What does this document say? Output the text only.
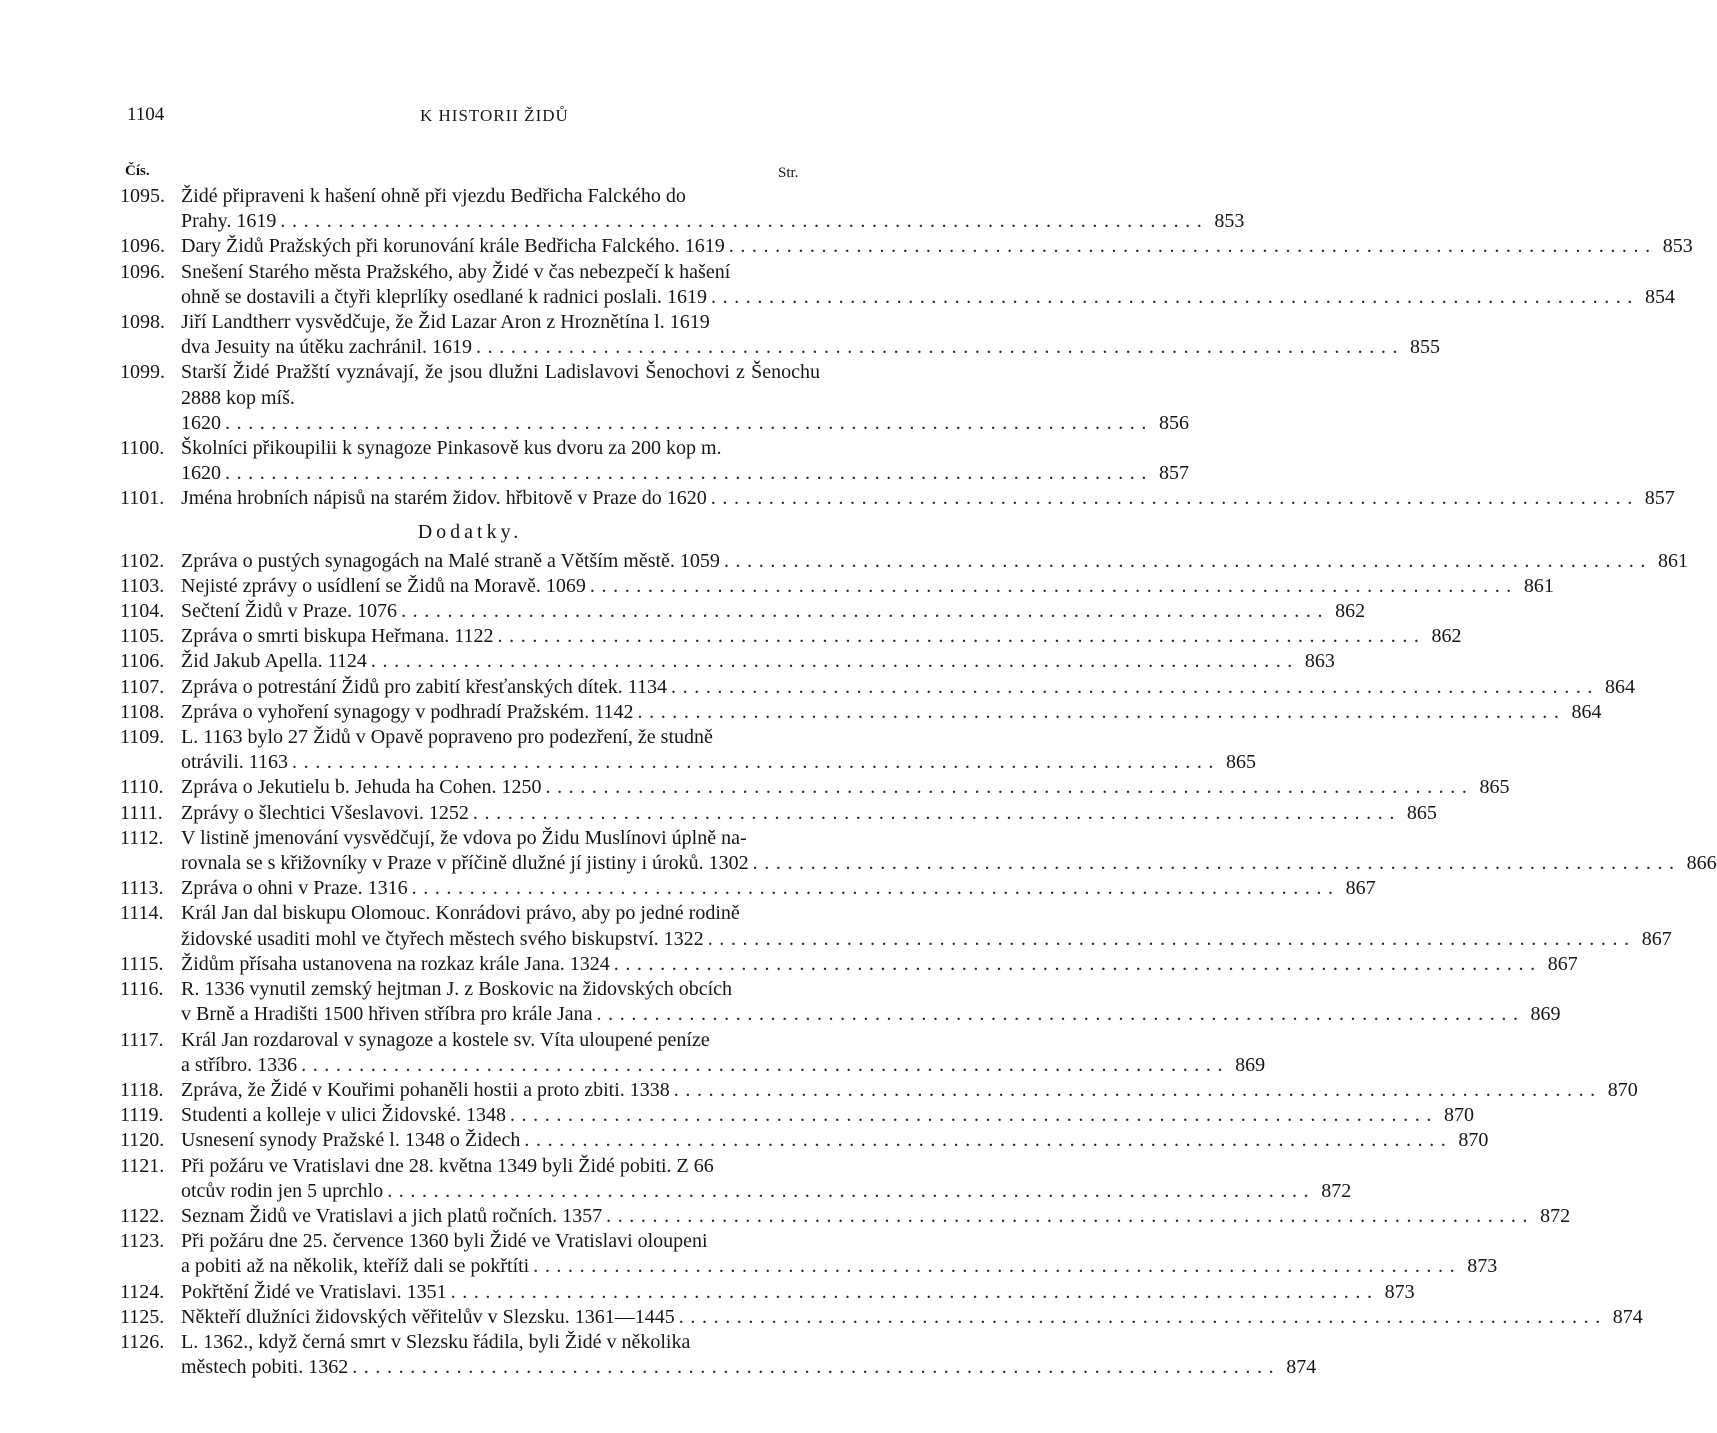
1104	K HISTORII ŽIDŮ
Čís.	Str.
1095. Židé připraveni k hašení ohně při vjezdu Bedřicha Falckého do
Prahy. 1619 ................................................................................ 853
1096. Dary Židů Pražských při korunování krále Bedřicha Falckého. 1619 ................................................................................ 853
1096. Snešení Starého města Pražského, aby Židé v čas nebezpečí k hašení
ohně se dostavili a čtyři kleprlíky osedlané k radnici poslali. 1619 ................................................................................ 854
1098. Jiří Landtherr vysvědčuje, že Žid Lazar Aron z Hroznětína l. 1619
dva Jesuity na útěku zachránil. 1619 ................................................................................ 855
1099. Starší Židé Pražští vyznávají, že jsou dlužni Ladislavovi Šenochovi z Šenochu 2888 kop míš.
1620 ................................................................................ 856
1100. Školníci přikoupilii k synagoze Pinkasově kus dvoru za 200 kop m.
1620 ................................................................................ 857
1101. Jména hrobních nápisů na starém židov. hřbitově v Praze do 1620 ................................................................................ 857
Dodatky.
1102. Zpráva o pustých synagogách na Malé straně a Větším městě. 1059 ................................................................................ 861
1103. Nejisté zprávy o usídlení se Židů na Moravě. 1069 ................................................................................ 861
1104. Sečtení Židů v Praze. 1076 ................................................................................ 862
1105. Zpráva o smrti biskupa Heřmana. 1122 ................................................................................ 862
1106. Žid Jakub Apella. 1124 ................................................................................ 863
1107. Zpráva o potrestání Židů pro zabití křesťanských dítek. 1134 ................................................................................ 864
1108. Zpráva o vyhoření synagogy v podhradí Pražském. 1142 ................................................................................ 864
1109. L. 1163 bylo 27 Židů v Opavě popraveno pro podezření, že studně
otrávili. 1163 ................................................................................ 865
1110. Zpráva o Jekutielu b. Jehuda ha Cohen. 1250 ................................................................................ 865
1111. Zprávy o šlechtici Všeslavovi. 1252 ................................................................................ 865
1112. V listině jmenování vysvědčují, že vdova po Židu Muslínovi úplně na-
rovnala se s křižovníky v Praze v příčině dlužné jí jistiny i úroků. 1302 ................................................................................ 866
1113. Zpráva o ohni v Praze. 1316 ................................................................................ 867
1114. Král Jan dal biskupu Olomouc. Konrádovi právo, aby po jedné rodině
židovské usaditi mohl ve čtyřech městech svého biskupství. 1322 ................................................................................ 867
1115. Židům přísaha ustanovena na rozkaz krále Jana. 1324 ................................................................................ 867
1116. R. 1336 vynutil zemský hejtman J. z Boskovic na židovských obcích
v Brně a Hradišti 1500 hřiven stříbra pro krále Jana ................................................................................ 869
1117. Král Jan rozdaroval v synagoze a kostele sv. Víta uloupené peníze
a stříbro. 1336 ................................................................................ 869
1118. Zpráva, že Židé v Kouřimi pohaněli hostii a proto zbiti. 1338 ................................................................................ 870
1119. Studenti a kolleje v ulici Židovské. 1348 ................................................................................ 870
1120. Usnesení synody Pražské l. 1348 o Židech ................................................................................ 870
1121. Při požáru ve Vratislavi dne 28. května 1349 byli Židé pobiti. Z 66
otcův rodin jen 5 uprchlo ................................................................................ 872
1122. Seznam Židů ve Vratislavi a jich platů ročních. 1357 ................................................................................ 872
1123. Při požáru dne 25. července 1360 byli Židé ve Vratislavi oloupeni
a pobiti až na několik, kteříž dali se pokřtíti ................................................................................ 873
1124. Pokřtění Židé ve Vratislavi. 1351 ................................................................................ 873
1125. Někteří dlužníci židovských věřitelův v Slezsku. 1361—1445 ................................................................................ 874
1126. L. 1362., když černá smrt v Slezsku řádila, byli Židé v několika
městech pobiti. 1362 ................................................................................ 874
